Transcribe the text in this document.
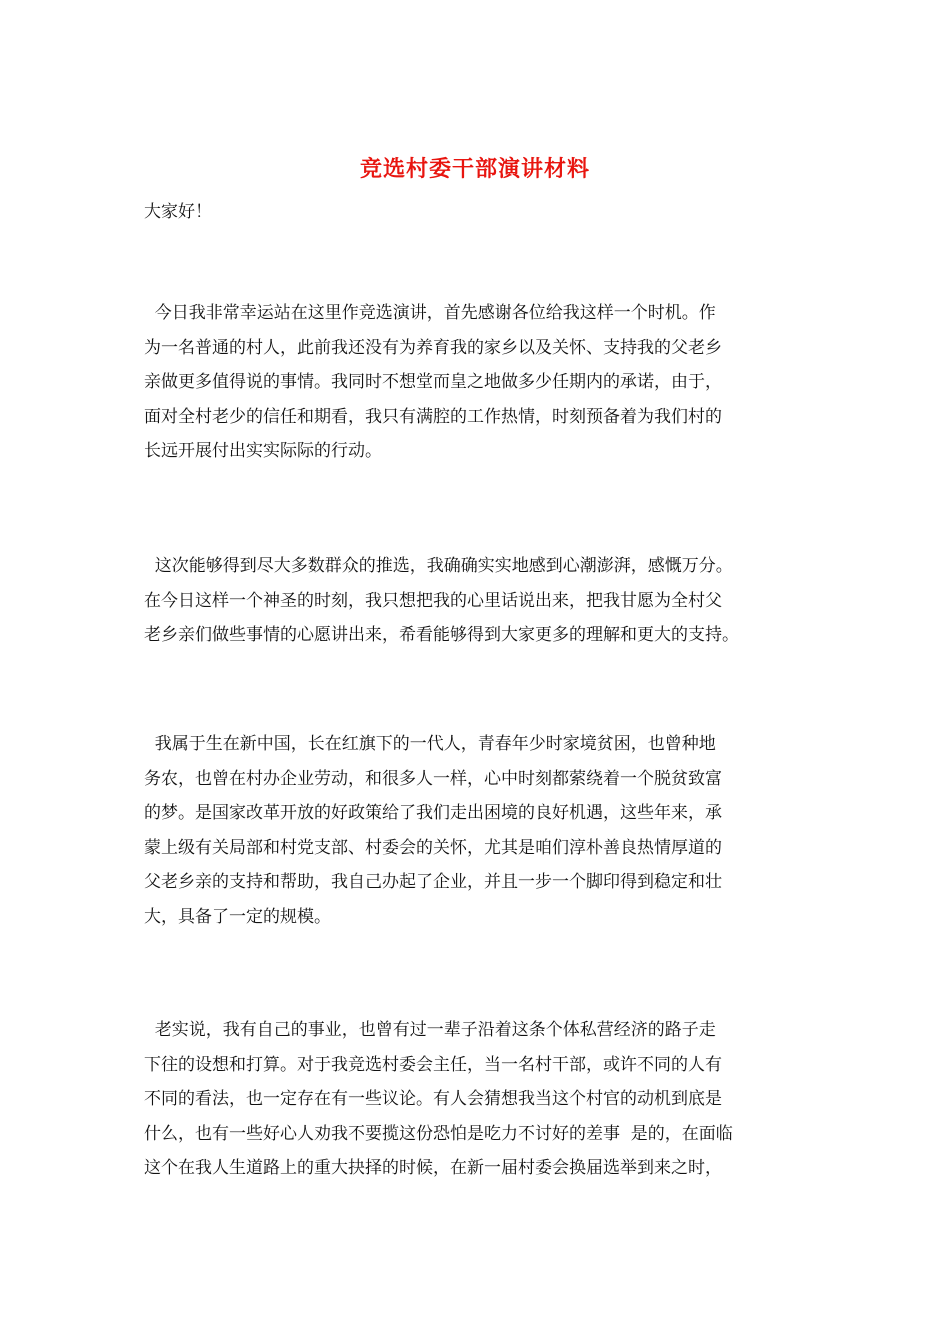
竞选村委干部演讲材料
大家好！
今日我非常幸运站在这里作竞选演讲，首先感谢各位给我这样一个时机。作
为一名普通的村人，此前我还没有为养育我的家乡以及关怀、支持我的父老乡
亲做更多值得说的事情。我同时不想堂而皇之地做多少任期内的承诺，由于，
面对全村老少的信任和期看，我只有满腔的工作热情，时刻预备着为我们村的
长远开展付出实实际际的行动。
这次能够得到尽大多数群众的推选，我确确实实地感到心潮澎湃，感慨万分。
在今日这样一个神圣的时刻，我只想把我的心里话说出来，把我甘愿为全村父
老乡亲们做些事情的心愿讲出来，希看能够得到大家更多的理解和更大的支持。
我属于生在新中国，长在红旗下的一代人，青春年少时家境贫困，也曾种地
务农，也曾在村办企业劳动，和很多人一样，心中时刻都萦绕着一个脱贫致富
的梦。是国家改革开放的好政策给了我们走出困境的良好机遇，这些年来，承
蒙上级有关局部和村党支部、村委会的关怀，尤其是咱们淳朴善良热情厚道的
父老乡亲的支持和帮助，我自己办起了企业，并且一步一个脚印得到稳定和壮
大，具备了一定的规模。
老实说，我有自己的事业，也曾有过一辈子沿着这条个体私营经济的路子走
下往的设想和打算。对于我竞选村委会主任，当一名村干部，或许不同的人有
不同的看法，也一定存在有一些议论。有人会猜想我当这个村官的动机到底是
什么，也有一些好心人劝我不要揽这份恐怕是吃力不讨好的差事  是的，在面临
这个在我人生道路上的重大抉择的时候，在新一届村委会换届选举到来之时，
